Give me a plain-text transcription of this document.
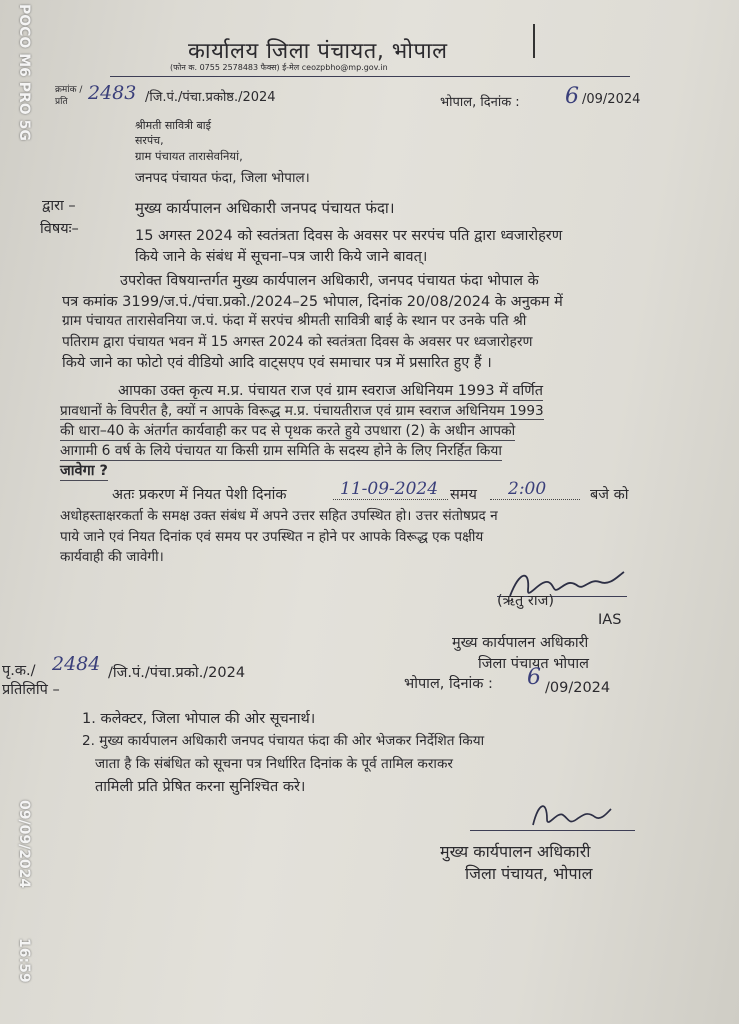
कार्यालय जिला पंचायत, भोपाल
(फोन क. 0755 2578483 फैक्स) ई-मेल ceozpbho@mp.gov.in
क्रमांक / प्रति	2483 /जि.पं./पंचा.प्रकोष्ठ./2024	भोपाल, दिनांक : 6 /09/2024
श्रीमती सावित्री बाई
सरपंच,
ग्राम पंचायत तारासेवनियां,
जनपद पंचायत फंदा, जिला भोपाल।
द्वारा –	मुख्य कार्यपालन अधिकारी जनपद पंचायत फंदा।
विषयः–	15 अगस्त 2024 को स्वतंत्रता दिवस के अवसर पर सरपंच पति द्वारा ध्वजारोहरण
किये जाने के संबंध में सूचना–पत्र जारी किये जाने बावत्।
उपरोक्त विषयान्तर्गत मुख्य कार्यपालन अधिकारी, जनपद पंचायत फंदा भोपाल के
पत्र कमांक 3199/ज.पं./पंचा.प्रको./2024–25 भोपाल, दिनांक 20/08/2024 के अनुकम में
ग्राम पंचायत तारासेवनिया ज.पं. फंदा में सरपंच श्रीमती सावित्री बाई के स्थान पर उनके पति श्री
पतिराम द्वारा पंचायत भवन में 15 अगस्त 2024 को स्वतंत्रता दिवस के अवसर पर ध्वजारोहरण
किये जाने का फोटो एवं वीडियो आदि वाट्सएप एवं समाचार पत्र में प्रसारित हुए हैं ।
आपका उक्त कृत्य म.प्र. पंचायत राज एवं ग्राम स्वराज अधिनियम 1993 में वर्णित
प्रावधानों के विपरीत है, क्यों न आपके विरूद्ध म.प्र. पंचायतीराज एवं ग्राम स्वराज अधिनियम 1993
की धारा–40 के अंतर्गत कार्यवाही कर पद से पृथक करते हुये उपधारा (2) के अधीन आपको
आगामी 6 वर्ष के लिये पंचायत या किसी ग्राम समिति के सदस्य होने के लिए निरर्हित किया
जावेगा ?
अतः प्रकरण में नियत पेशी दिनांक	11-09-2024 समय 2:00	बजे को
अधोहस्ताक्षरकर्ता के समक्ष उक्त संबंध में अपने उत्तर सहित उपस्थित हो। उत्तर संतोषप्रद न
पाये जाने एवं नियत दिनांक एवं समय पर उपस्थित न होने पर आपके विरूद्ध एक पक्षीय
कार्यवाही की जावेगी।
(ऋतु राज)
IAS
मुख्य कार्यपालन अधिकारी
जिला पंचायत भोपाल
पृ.क./ 2484 /जि.पं./पंचा.प्रको./2024
प्रतिलिपि –	भोपाल, दिनांक : 6 /09/2024
1. कलेक्टर, जिला भोपाल की ओर सूचनार्थ।
2. मुख्य कार्यपालन अधिकारी जनपद पंचायत फंदा की ओर भेजकर निर्देशित किया
जाता है कि संबंधित को सूचना पत्र निर्धारित दिनांक के पूर्व तामिल कराकर
तामिली प्रति प्रेषित करना सुनिश्चित करे।
मुख्य कार्यपालन अधिकारी
जिला पंचायत, भोपाल
POCO M6 PRO 5G
09/09/2024
16:59
